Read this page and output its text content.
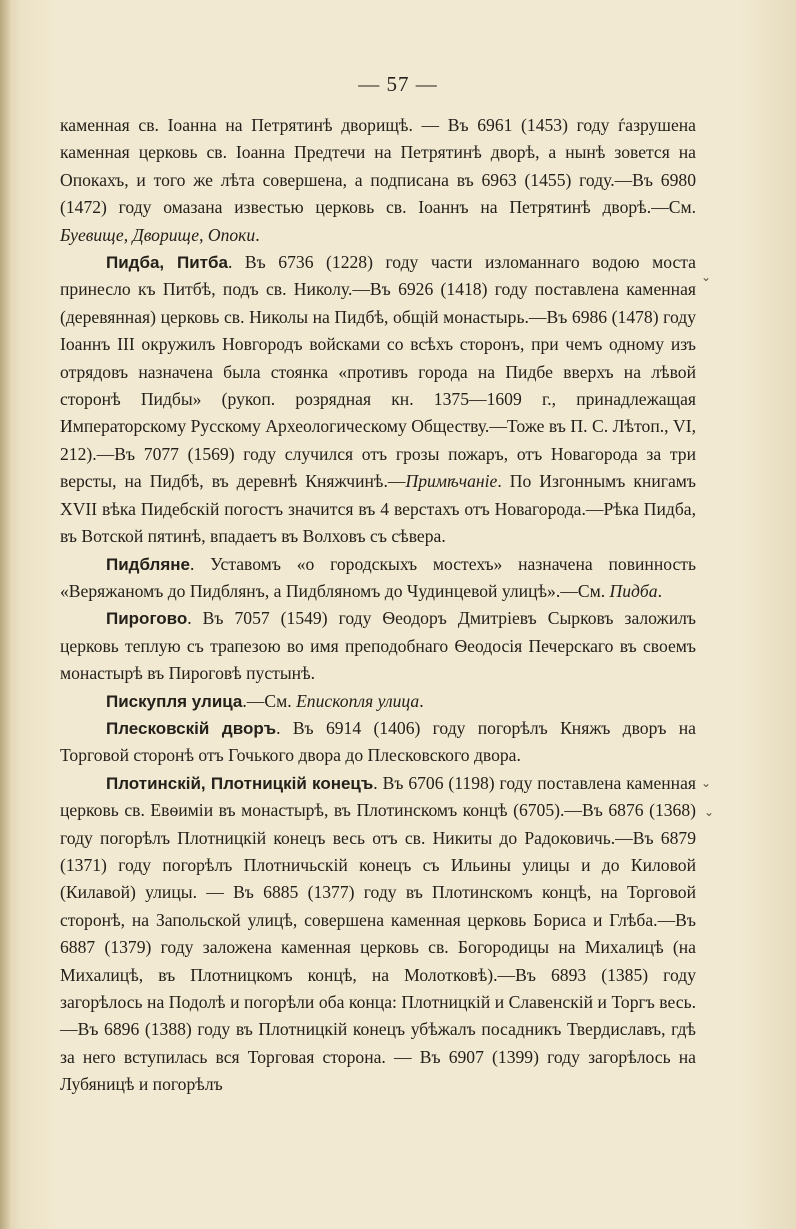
— 57 —

каменная св. Іоанна на Петрятинѣ дворищѣ. — Въ 6961 (1453) году ѓазрушена каменная церковь св. Іоанна Предтечи на Петрятинѣ дворѣ, а нынѣ зовется на Опокахъ, и того же лѣта совершена, а подписана въ 6963 (1455) году.—Въ 6980 (1472) году омазана известью церковь св. Іоаннъ на Петрятинѣ дворѣ.—См. Буевище, Дворище, Опоки.

Пидба, Питба. Въ 6736 (1228) году части изломаннаго водою моста принесло къ Питбѣ, подъ св. Николу.—Въ 6926 (1418) году поставлена каменная (деревянная) церковь св. Николы на Пидбѣ, общій монастырь.—Въ 6986 (1478) году Іоаннъ III окружилъ Новгородъ войсками со всѣхъ сторонъ, при чемъ одному изъ отрядовъ назначена была стоянка «противъ города на Пидбе вверхъ на лѣвой сторонѣ Пидбы» (рукоп. розрядная кн. 1375—1609 г., принадлежащая Императорскому Русскому Археологическому Обществу.—Тоже въ П. С. Лѣтоп., VI, 212).—Въ 7077 (1569) году случился отъ грозы пожаръ, отъ Новагорода за три версты, на Пидбѣ, въ деревнѣ Княжчинѣ.—Примѣчаніе. По Изгоннымъ книгамъ XVII вѣка Пидебскій погостъ значится въ 4 верстахъ отъ Новагорода.—Рѣка Пидба, въ Вотской пятинѣ, впадаетъ въ Волховъ съ сѣвера.

Пидбляне. Уставомъ «о городскыхъ мостехъ» назначена повинность «Веряжаномъ до Пидблянъ, а Пидбляномъ до Чудинцевой улицѣ».—См. Пидба.

Пирогово. Въ 7057 (1549) году Ѳеодоръ Дмитріевъ Сырковъ заложилъ церковь теплую съ трапезою во имя преподобнаго Ѳеодосія Печерскаго въ своемъ монастырѣ въ Пироговѣ пустынѣ.

Пискупля улица.—См. Епископля улица.

Плесковскій дворъ. Въ 6914 (1406) году погорѣлъ Княжъ дворъ на Торговой сторонѣ отъ Гочького двора до Плесковского двора.

Плотинскій, Плотницкій конецъ. Въ 6706 (1198) году поставлена каменная церковь св. Евѳиміи въ монастырѣ, въ Плотинскомъ концѣ (6705).—Въ 6876 (1368) году погорѣлъ Плотницкій конецъ весь отъ св. Никиты до Радоковичь.—Въ 6879 (1371) году погорѣлъ Плотничьскій конецъ съ Ильины улицы и до Киловой (Килавой) улицы. — Въ 6885 (1377) году въ Плотинскомъ концѣ, на Торговой сторонѣ, на Запольской улицѣ, совершена каменная церковь Бориса и Глѣба.—Въ 6887 (1379) году заложена каменная церковь св. Богородицы на Михалицѣ (на Михалицѣ, въ Плотницкомъ концѣ, на Молотковѣ).—Въ 6893 (1385) году загорѣлось на Подолѣ и погорѣли оба конца: Плотницкій и Славенскій и Торгъ весь.—Въ 6896 (1388) году въ Плотницкій конецъ убѣжалъ посадникъ Твердиславъ, гдѣ за него вступилась вся Торговая сторона. — Въ 6907 (1399) году загорѣлось на Лубяницѣ и погорѣлъ

⌄
⌄
⌄
